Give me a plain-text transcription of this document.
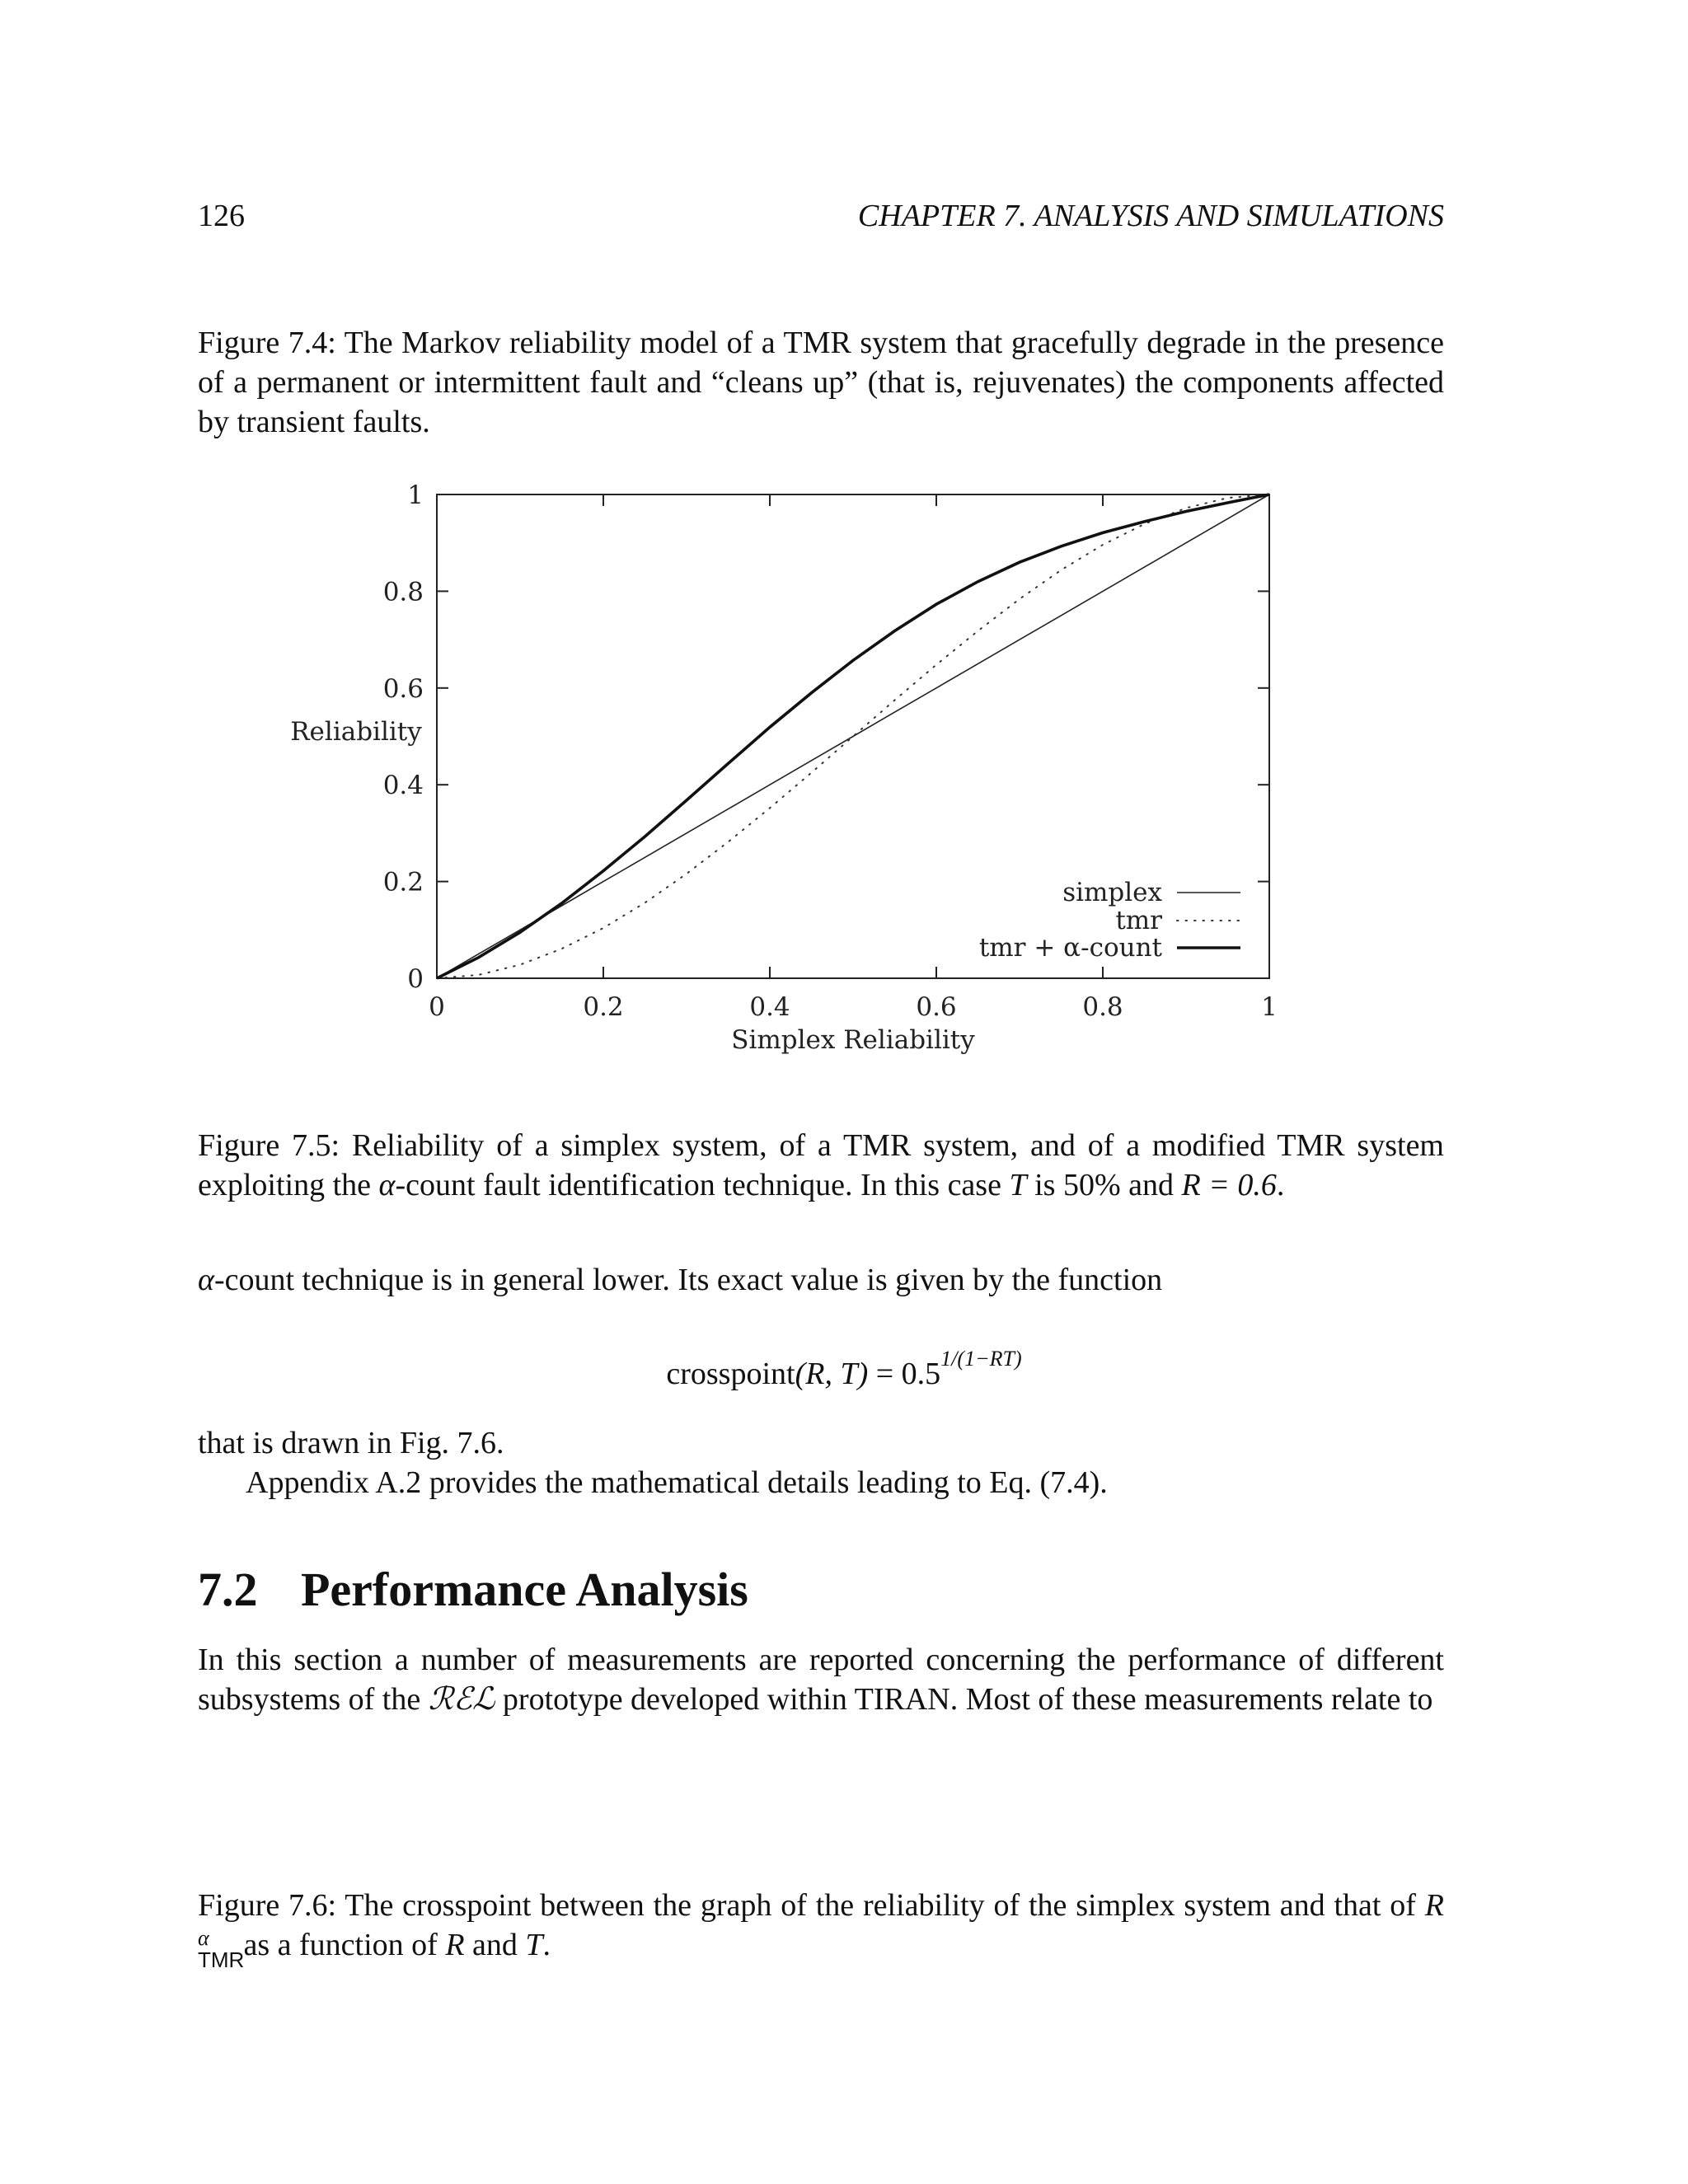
126	CHAPTER 7. ANALYSIS AND SIMULATIONS
Figure 7.4: The Markov reliability model of a TMR system that gracefully degrade in the presence of a permanent or intermittent fault and “cleans up” (that is, rejuvenates) the components affected by transient faults.
0
0.2
0.4
0.6
0.8
1
0	0.2	0.4	0.6	0.8	1
Reliability
Simplex Reliability
simplex
tmr
tmr + α-count
Figure 7.5: Reliability of a simplex system, of a TMR system, and of a modified TMR system exploiting the α-count fault identification technique. In this case T is 50% and R = 0.6.
α-count technique is in general lower. Its exact value is given by the function
crosspoint(R, $T) = 0.5^{1/(1-RT)}$
that is drawn in Fig. 7.6.
Appendix A.2 provides the mathematical details leading to Eq. (7.4).
7.2 Performance Analysis
In this section a number of measurements are reported concerning the performance of different subsystems of the ℛℰℒ prototype developed within TIRAN. Most of these measurements relate to
Figure 7.6: The crosspoint between the graph of the reliability of the simplex system and that of R
α
TMR
as a function of R and T.
